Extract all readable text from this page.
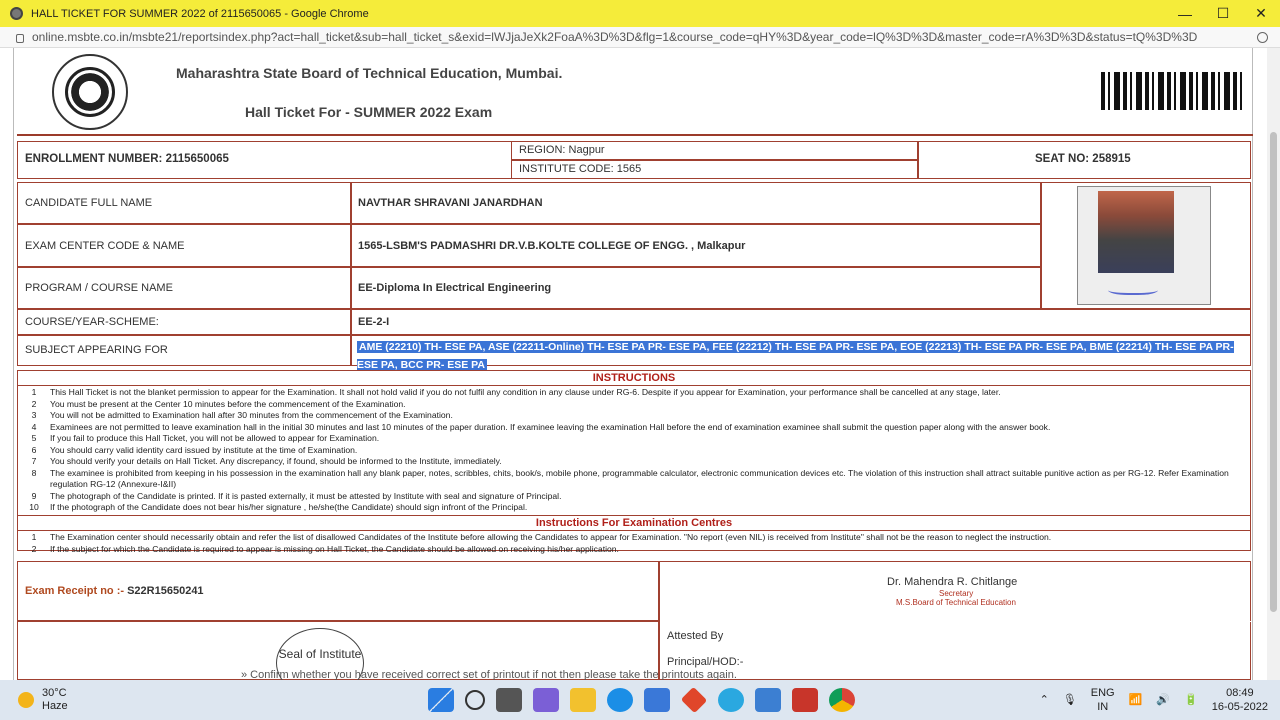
HALL TICKET FOR SUMMER 2022 of 2115650065 - Google Chrome	—	☐	✕
online.msbte.co.in/msbte21/reportsindex.php?act=hall_ticket&sub=hall_ticket_s&exid=lWJjaJeXk2FoaA%3D%3D&flg=1&course_code=qHY%3D&year_code=lQ%3D%3D&master_code=rA%3D%3D&status=tQ%3D%3D
Maharashtra State Board of Technical Education, Mumbai.
Hall Ticket For - SUMMER 2022 Exam
ENROLLMENT NUMBER: 2115650065
REGION: Nagpur
INSTITUTE CODE: 1565
SEAT NO: 258915
CANDIDATE FULL NAME	NAVTHAR SHRAVANI JANARDHAN
EXAM CENTER CODE & NAME	1565-LSBM'S PADMASHRI DR.V.B.KOLTE COLLEGE OF ENGG. , Malkapur
PROGRAM / COURSE NAME	EE-Diploma In Electrical Engineering
COURSE/YEAR-SCHEME:	EE-2-I
SUBJECT APPEARING FOR	AME (22210) TH- ESE PA, ASE (22211-Online) TH- ESE PA PR- ESE PA, FEE (22212) TH- ESE PA PR- ESE PA, EOE (22213) TH- ESE PA PR- ESE PA, BME (22214) TH- ESE PA PR- ESE PA, BCC PR- ESE PA
INSTRUCTIONS
1	This Hall Ticket is not the blanket permission to appear for the Examination. It shall not hold valid if you do not fulfil any condition in any clause under RG-6. Despite if you appear for Examination, your performance shall be cancelled at any stage, later.
2	You must be present at the Center 10 minutes before the commencement of the Examination.
3	You will not be admitted to Examination hall after 30 minutes from the commencement of the Examination.
4	Examinees are not permitted to leave examination hall in the initial 30 minutes and last 10 minutes of the paper duration. If examinee leaving the examination Hall before the end of examination examinee shall submit the question paper along with the answer book.
5	If you fail to produce this Hall Ticket, you will not be allowed to appear for Examination.
6	You should carry valid identity card issued by institute at the time of Examination.
7	You should verify your details on Hall Ticket. Any discrepancy, if found, should be informed to the Institute, immediately.
8	The examinee is prohibited from keeping in his possession in the examination hall any blank paper, notes, scribbles, chits, book/s, mobile phone, programmable calculator, electronic communication devices etc. The violation of this instruction shall attract suitable punitive action as per RG-12. Refer Examination regulation RG-12 (Annexure-I&II)
9	The photograph of the Candidate is printed. If it is pasted externally, it must be attested by Institute with seal and signature of Principal.
10	If the photograph of the Candidate does not bear his/her signature , he/she(the Candidate) should sign infront of the Principal.
Instructions For Examination Centres
1	The Examination center should necessarily obtain and refer the list of disallowed Candidates of the Institute before allowing the Candidates to appear for Examination. "No report (even NIL) is received from Institute" shall not be the reason to neglect the instruction.
2	If the subject for which the Candidate is required to appear is missing on Hall Ticket, the Candidate should be allowed on receiving his/her application.
Exam Receipt no :- S22R15650241
Dr. Mahendra R. Chitlange
Secretary
M.S.Board of Technical Education
Attested By
Principal/HOD:-
Seal of Institute
» Confirm whether you have received correct set of printout if not then please take the printouts again.
30°C
Haze	⌃ 🎙
ENG
IN
📶 🔊 🔋
08:49
16-05-2022
